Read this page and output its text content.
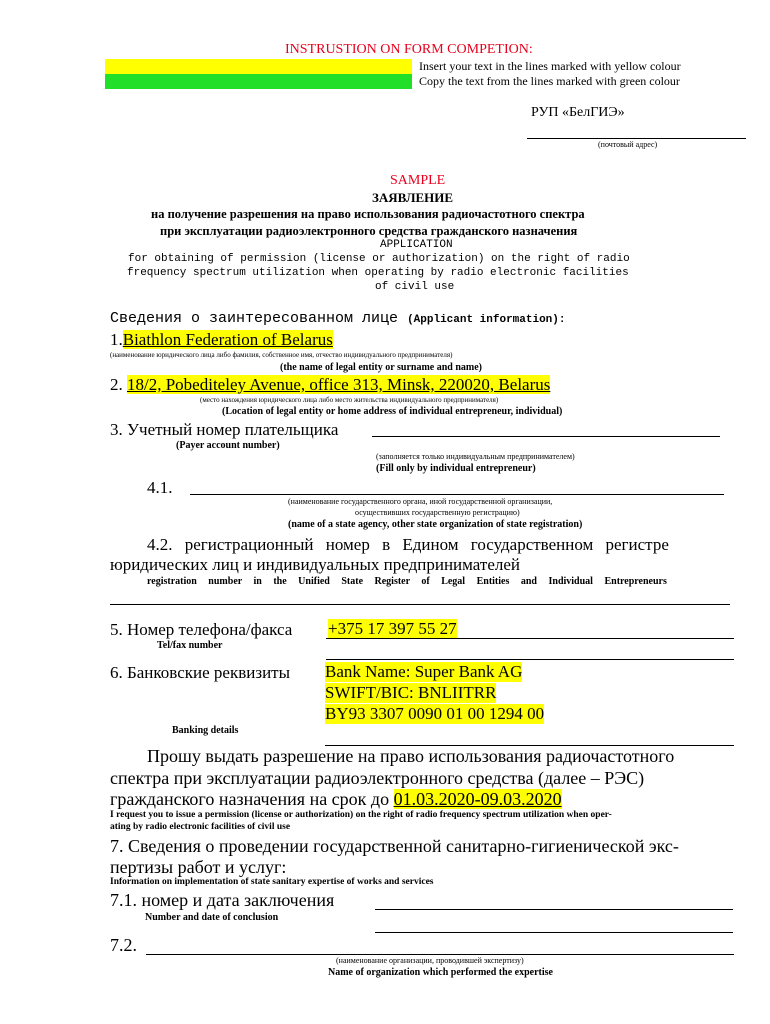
INSTRUSTION ON FORM COMPETION:
Insert your text in the lines marked with yellow colour
Copy the text from the lines marked with green colour
РУП «БелГИЭ»
(почтовый адрес)
SAMPLE
ЗАЯВЛЕНИЕ
на получение разрешения на право использования радиочастотного спектра
при эксплуатации радиоэлектронного средства гражданского назначения
APPLICATION
for obtaining of permission (license or authorization) on the right of radio
frequency spectrum utilization when operating by radio electronic facilities
of civil use
Сведения о заинтересованном лице (Applicant information):
1.Biathlon Federation of Belarus
(наименование юридического лица либо фамилия, собственное имя, отчество индивидуального предпринимателя)
(the name of legal entity or surname and name)
2. 18/2, Pobediteley Avenue, office 313, Minsk, 220020, Belarus
(место нахождения юридического лица либо место жительства индивидуального предпринимателя)
(Location of legal entity or home address of individual entrepreneur, individual)
3. Учетный номер плательщика
(Payer account number)
(заполняется только индивидуальным предпринимателем)
(Fill only by individual entrepreneur)
4.1.
(наименование государственного органа, иной государственной организации,
осуществивших государственную регистрацию)
(name of a state agency, other state organization of state registration)
4.2. регистрационный номер в Едином государственном регистре
юридических лиц и индивидуальных предпринимателей
registration number in the Unified State Register of Legal Entities and Individual Entrepreneurs
5. Номер телефона/факса +375 17 397 55 27
Tel/fax number
6. Банковские реквизиты Bank Name: Super Bank AG
SWIFT/BIC: BNLIITRR
BY93 3307 0090 01 00 1294 00
Banking details
Прошу выдать разрешение на право использования радиочастотного
спектра при эксплуатации радиоэлектронного средства (далее – РЭС)
гражданского назначения на срок до 01.03.2020-09.03.2020
I request you to issue a permission (license or authorization) on the right of radio frequency spectrum utilization when oper-
ating by radio electronic facilities of civil use
7. Сведения о проведении государственной санитарно-гигиенической экс-
пертизы работ и услуг:
Information on implementation of state sanitary expertise of works and services
7.1. номер и дата заключения
Number and date of conclusion
7.2.
(наименование организации, проводившей экспертизу)
Name of organization which performed the expertise
